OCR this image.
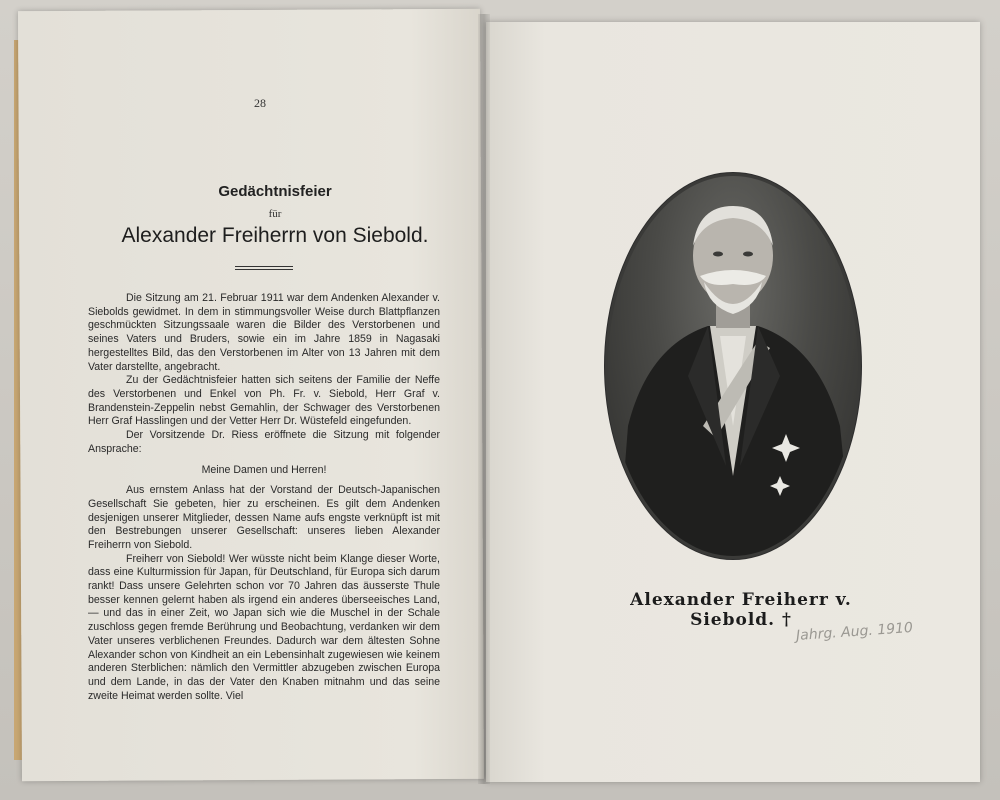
28
Gedächtnisfeier
für
Alexander Freiherrn von Siebold.

Die Sitzung am 21. Februar 1911 war dem Andenken Alexander v. Siebolds gewidmet. In dem in stimmungsvoller Weise durch Blattpflanzen geschmückten Sitzungssaale waren die Bilder des Verstorbenen und seines Vaters und Bruders, sowie ein im Jahre 1859 in Nagasaki hergestelltes Bild, das den Verstorbenen im Alter von 13 Jahren mit dem Vater darstellte, angebracht.

Zu der Gedächtnisfeier hatten sich seitens der Familie der Neffe des Verstorbenen und Enkel von Ph. Fr. v. Siebold, Herr Graf v. Brandenstein-Zeppelin nebst Gemahlin, der Schwager des Verstorbenen Herr Graf Hasslingen und der Vetter Herr Dr. Wüstefeld eingefunden.

Der Vorsitzende Dr. Riess eröffnete die Sitzung mit folgender Ansprache:

Meine Damen und Herren!

Aus ernstem Anlass hat der Vorstand der Deutsch-Japanischen Gesellschaft Sie gebeten, hier zu erscheinen. Es gilt dem Andenken desjenigen unserer Mitglieder, dessen Name aufs engste verknüpft ist mit den Bestrebungen unserer Gesellschaft: unseres lieben Alexander Freiherrn von Siebold.

Freiherr von Siebold! Wer wüsste nicht beim Klange dieser Worte, dass eine Kulturmission für Japan, für Deutschland, für Europa sich darum rankt! Dass unsere Gelehrten schon vor 70 Jahren das äusserste Thule besser kennen gelernt haben als irgend ein anderes überseeisches Land, — und das in einer Zeit, wo Japan sich wie die Muschel in der Schale zuschloss gegen fremde Berührung und Beobachtung, verdanken wir dem Vater unseres verblichenen Freundes. Dadurch war dem ältesten Sohne Alexander schon von Kindheit an ein Lebensinhalt zugewiesen wie keinem anderen Sterblichen: nämlich den Vermittler abzugeben zwischen Europa und dem Lande, in das der Vater den Knaben mitnahm und das seine zweite Heimat werden sollte. Viel

Alexander Freiherr v. Siebold. † Jahrg. Aug. 1910
